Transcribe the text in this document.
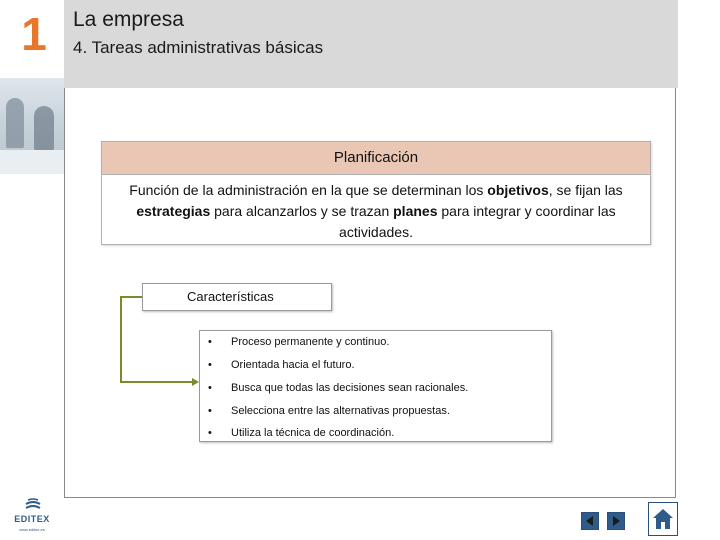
1 La empresa
4. Tareas administrativas básicas
Planificación
Función de la administración en la que se determinan los objetivos, se fijan las estrategias para alcanzarlos y se trazan planes para integrar y coordinar las actividades.
Características
•	Proceso permanente y continuo.
•	Orientada hacia el futuro.
•	Busca que todas las decisiones sean racionales.
•	Selecciona entre las alternativas propuestas.
•	Utiliza la técnica de coordinación.
EDITEX
www.editex.es
